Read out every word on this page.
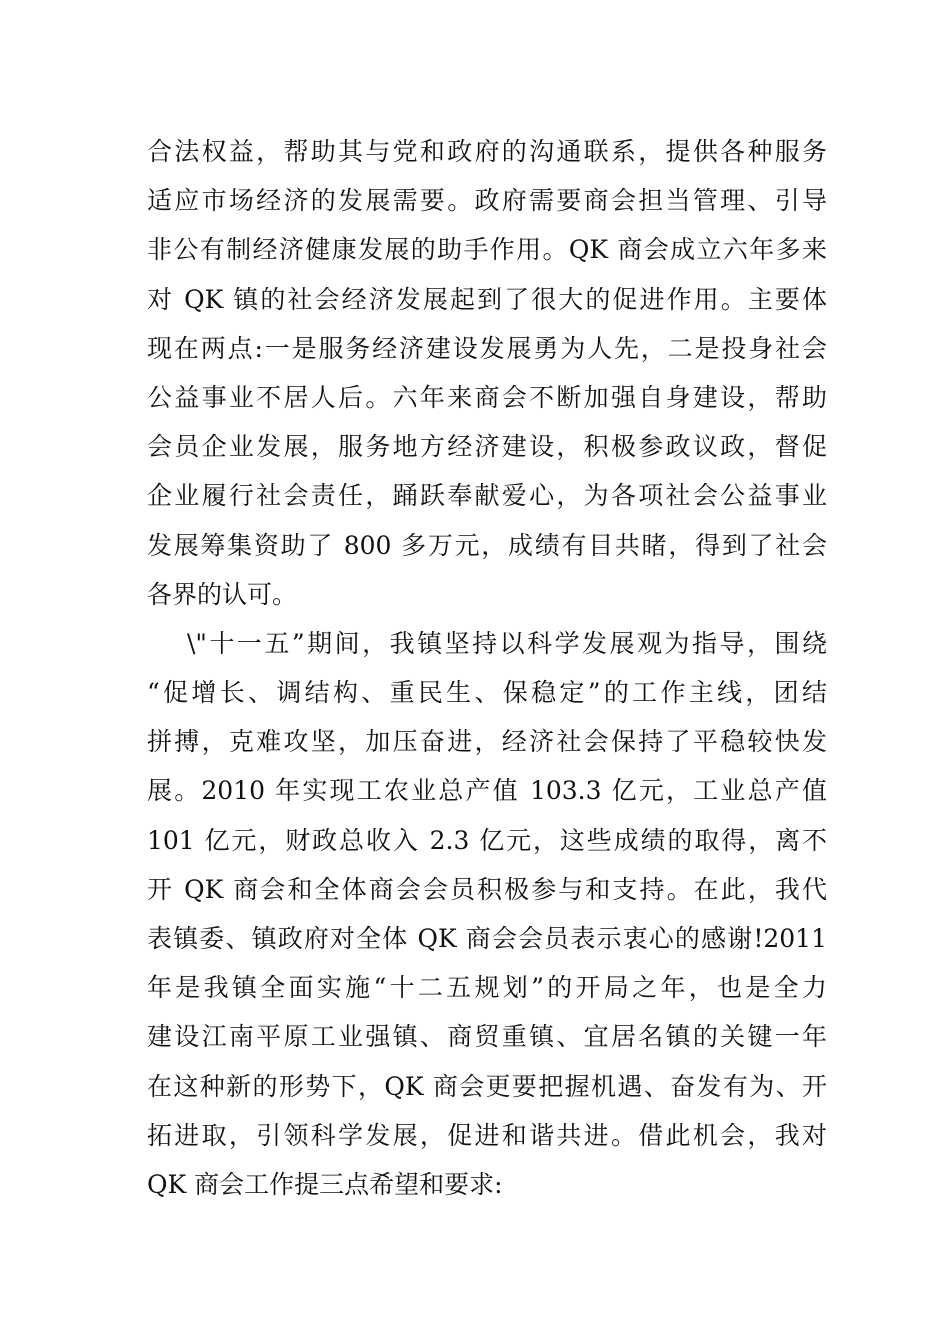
合法权益，帮助其与党和政府的沟通联系，提供各种服务
适应市场经济的发展需要。政府需要商会担当管理、引导
非公有制经济健康发展的助手作用。QK 商会成立六年多来
对 QK 镇的社会经济发展起到了很大的促进作用。主要体
现在两点:一是服务经济建设发展勇为人先，二是投身社会
公益事业不居人后。六年来商会不断加强自身建设，帮助
会员企业发展，服务地方经济建设，积极参政议政，督促
企业履行社会责任，踊跃奉献爱心，为各项社会公益事业
发展筹集资助了 800 多万元，成绩有目共睹，得到了社会
各界的认可。
\"十一五”期间，我镇坚持以科学发展观为指导，围绕
“促增长、调结构、重民生、保稳定”的工作主线，团结
拼搏，克难攻坚，加压奋进，经济社会保持了平稳较快发
展。2010 年实现工农业总产值 103.3 亿元，工业总产值
101 亿元，财政总收入 2.3 亿元，这些成绩的取得，离不
开 QK 商会和全体商会会员积极参与和支持。在此，我代
表镇委、镇政府对全体 QK 商会会员表示衷心的感谢!2011
年是我镇全面实施“十二五规划”的开局之年，也是全力
建设江南平原工业强镇、商贸重镇、宜居名镇的关键一年
在这种新的形势下，QK 商会更要把握机遇、奋发有为、开
拓进取，引领科学发展，促进和谐共进。借此机会，我对
QK 商会工作提三点希望和要求:
